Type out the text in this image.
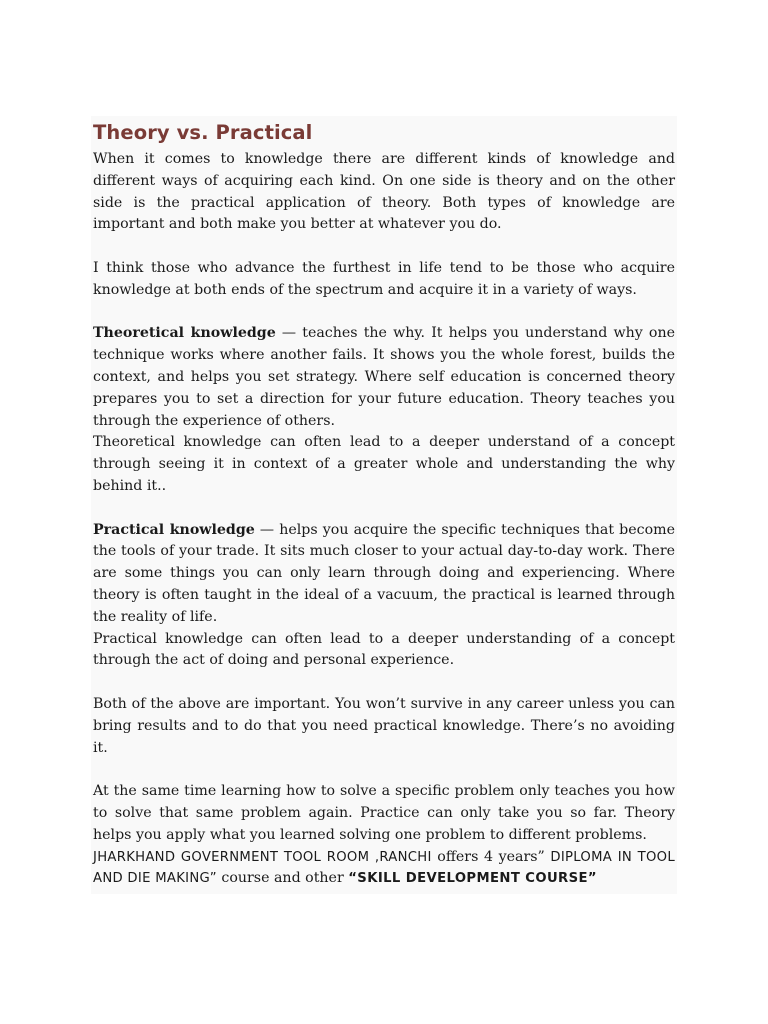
Theory vs. Practical

When it comes to knowledge there are different kinds of knowledge and different ways of acquiring each kind. On one side is theory and on the other side is the practical application of theory. Both types of knowledge are important and both make you better at whatever you do.

I think those who advance the furthest in life tend to be those who acquire knowledge at both ends of the spectrum and acquire it in a variety of ways.

Theoretical knowledge — teaches the why. It helps you understand why one technique works where another fails. It shows you the whole forest, builds the context, and helps you set strategy. Where self education is concerned theory prepares you to set a direction for your future education. Theory teaches you through the experience of others.

Theoretical knowledge can often lead to a deeper understand of a concept through seeing it in context of a greater whole and understanding the why behind it..

Practical knowledge — helps you acquire the specific techniques that become the tools of your trade. It sits much closer to your actual day-to-day work. There are some things you can only learn through doing and experiencing. Where theory is often taught in the ideal of a vacuum, the practical is learned through the reality of life.

Practical knowledge can often lead to a deeper understanding of a concept through the act of doing and personal experience.

Both of the above are important. You won’t survive in any career unless you can bring results and to do that you need practical knowledge. There’s no avoiding it.

At the same time learning how to solve a specific problem only teaches you how to solve that same problem again. Practice can only take you so far. Theory helps you apply what you learned solving one problem to different problems.

JHARKHAND GOVERNMENT TOOL ROOM ,RANCHI offers 4 years” DIPLOMA IN TOOL AND DIE MAKING” course and other “SKILL DEVELOPMENT COURSE”
